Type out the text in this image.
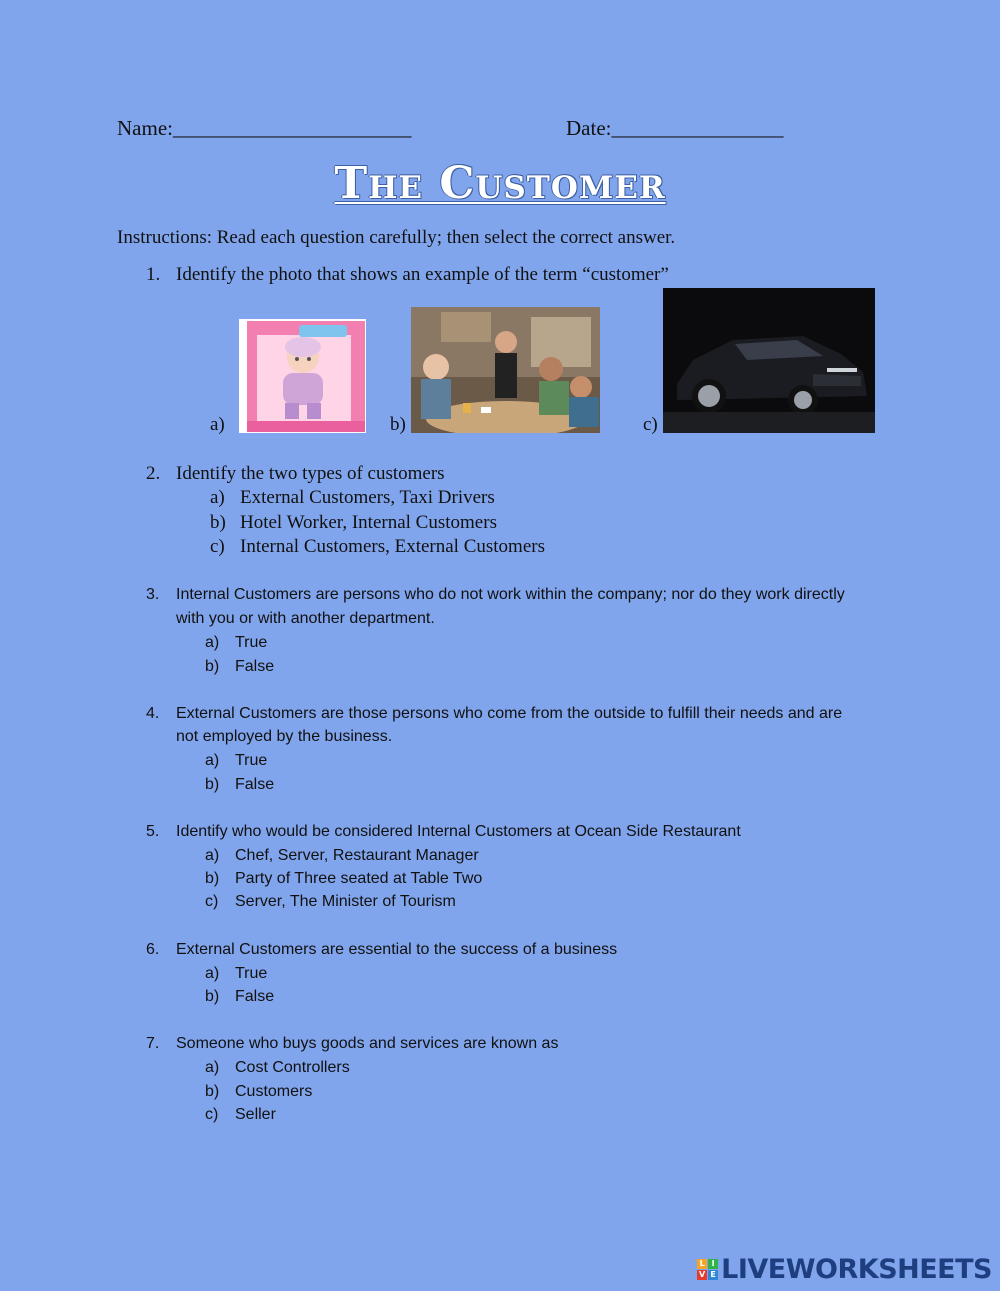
Name:_________________________	Date:__________________
The Customer
Instructions: Read each question carefully; then select the correct answer.
1. Identify the photo that shows an example of the term “customer”
a)	b)	c)
2. Identify the two types of customers
a) External Customers, Taxi Drivers
b) Hotel Worker, Internal Customers
c) Internal Customers, External Customers
3. Internal Customers are persons who do not work within the company; nor do they work directly
with you or with another department.
a) True
b) False
4. External Customers are those persons who come from the outside to fulfill their needs and are
not employed by the business.
a) True
b) False
5. Identify who would be considered Internal Customers at Ocean Side Restaurant
a) Chef, Server, Restaurant Manager
b) Party of Three seated at Table Two
c) Server, The Minister of Tourism
6. External Customers are essential to the success of a business
a) True
b) False
7. Someone who buys goods and services are known as
a) Cost Controllers
b) Customers
c) Seller
L I
V E LIVEWORKSHEETS
